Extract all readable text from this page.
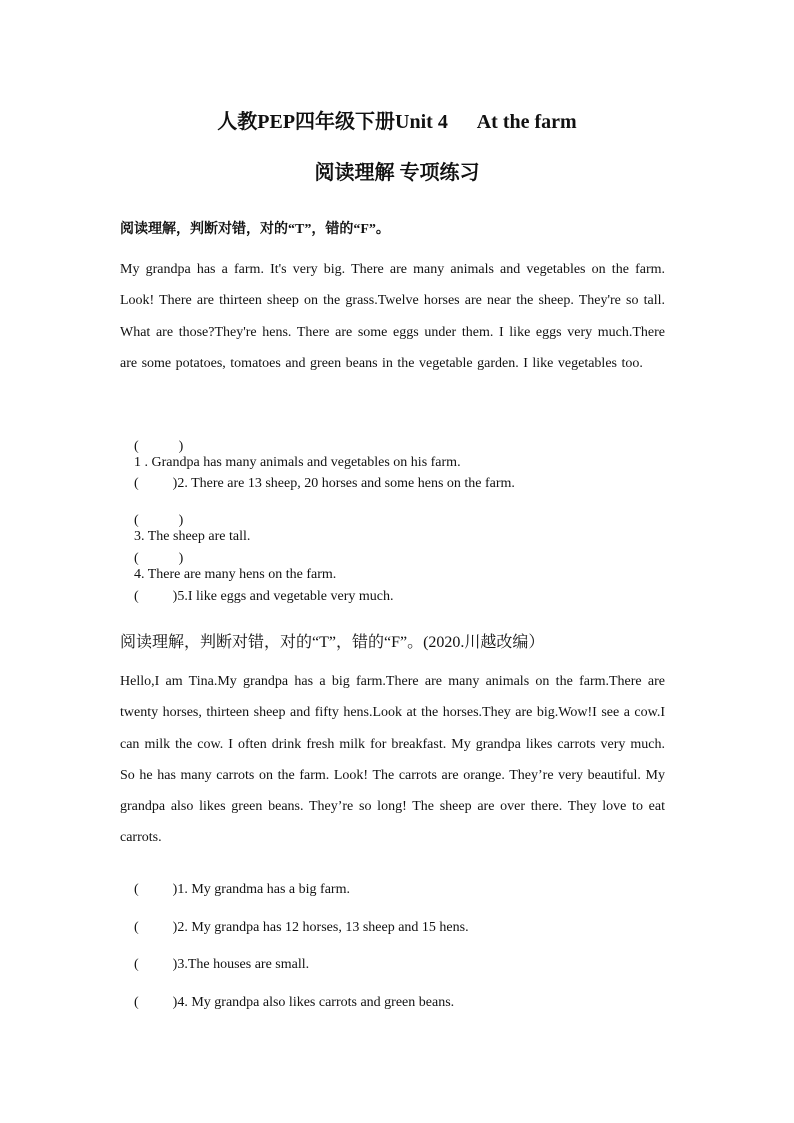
人教PEP四年级下册Unit 4      At the farm
阅读理解 专项练习
阅读理解，判断对错，对的“T”，错的“F”。
My grandpa has a farm. It's very big. There are many animals and vegetables on the farm. Look! There are thirteen sheep on the grass.Twelve horses are near the sheep. They're so tall. What are those?They're hens. There are some eggs under them. I like eggs very much.There are some potatoes, tomatoes and green beans in the vegetable garden. I like vegetables too.

(	)
1 . Grandpa has many animals and vegetables on his farm.

( )2. There are 13 sheep, 20 horses and some hens on the farm.

(	)
3. The sheep are tall.

(	)
4. There are many hens on the farm.

( )5.I like eggs and vegetable very much.

阅读理解，判断对错，对的“T”，错的“F”。(2020.川越改编）
Hello,I am Tina.My grandpa has a big farm.There are many animals on the farm.There are twenty horses, thirteen sheep and fifty hens.Look at the horses.They are big.Wow!I see a cow.I can milk the cow. I often drink fresh milk for breakfast. My grandpa likes carrots very much. So he has many carrots on the farm. Look! The carrots are orange. They’re very beautiful. My grandpa also likes green beans. They’re so long! The sheep are over there. They love to eat carrots.

( )1. My grandma has a big farm.

( )2. My grandpa has 12 horses, 13 sheep and 15 hens.

( )3.The houses are small.

( )4. My grandpa also likes carrots and green beans.
